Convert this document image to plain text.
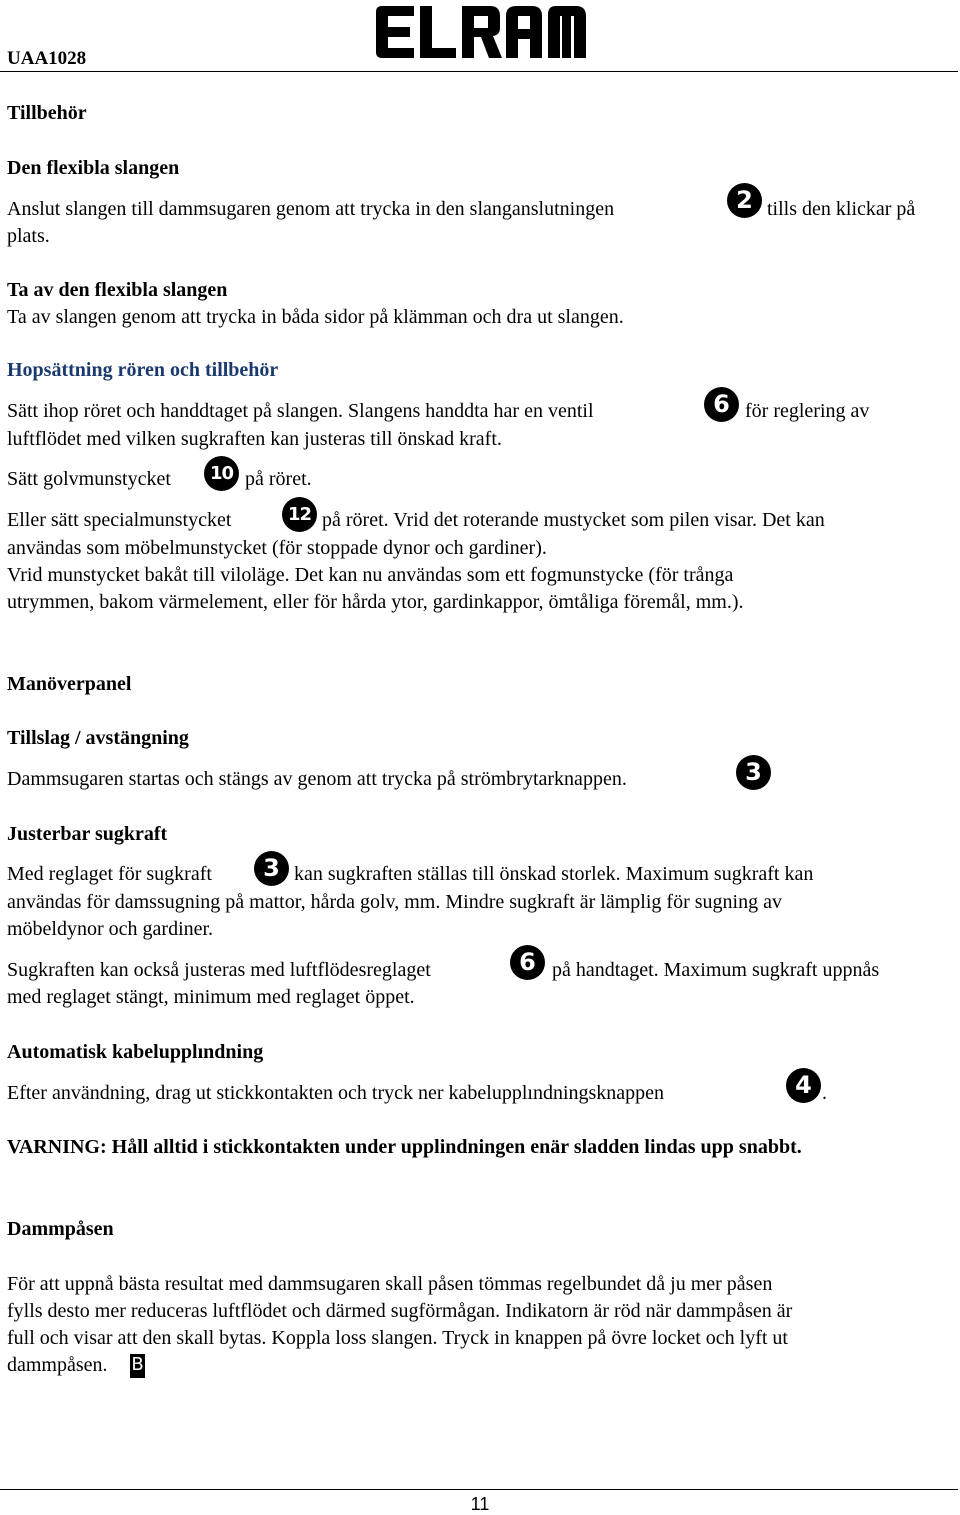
UAA1028
Tillbehör
Den flexibla slangen
Anslut slangen till dammsugaren genom att trycka in den slanganslutningen	2 tills den klickar på
plats.
Ta av den flexibla slangen
Ta av slangen genom att trycka in båda sidor på klämman och dra ut slangen.
Hopsättning rören och tillbehör
Sätt ihop röret och handdtaget på slangen. Slangens handdta har en ventil	6 för reglering av
luftflödet med vilken sugkraften kan justeras till önskad kraft.
Sätt golvmunstycket	10 på röret.
Eller sätt specialmunstycket	12 på röret. Vrid det roterande mustycket som pilen visar. Det kan
användas som möbelmunstycket (för stoppade dynor och gardiner).
Vrid munstycket bakåt till viloläge. Det kan nu användas som ett fogmunstycke (för trånga
utrymmen, bakom värmelement, eller för hårda ytor, gardinkappor, ömtåliga föremål, mm.).
Manöverpanel
Tillslag / avstängning
Dammsugaren startas och stängs av genom att trycka på strömbrytarknappen.	3
Justerbar sugkraft
Med reglaget för sugkraft	3 kan sugkraften ställas till önskad storlek. Maximum sugkraft kan
användas för damssugning på mattor, hårda golv, mm. Mindre sugkraft är lämplig för sugning av
möbeldynor och gardiner.
Sugkraften kan också justeras med luftflödesreglaget	6 på handtaget. Maximum sugkraft uppnås
med reglaget stängt, minimum med reglaget öppet.
Automatisk kabelupplındning
Efter användning, drag ut stickkontakten och tryck ner kabelupplındningsknappen	4 .
VARNING: Håll alltid i stickkontakten under upplindningen enär sladden lindas upp snabbt.
Dammpåsen
För att uppnå bästa resultat med dammsugaren skall påsen tömmas regelbundet då ju mer påsen
fylls desto mer reduceras luftflödet och därmed sugförmågan. Indikatorn är röd när dammpåsen är
full och visar att den skall bytas. Koppla loss slangen. Tryck in knappen på övre locket och lyft ut
dammpåsen. B
11
